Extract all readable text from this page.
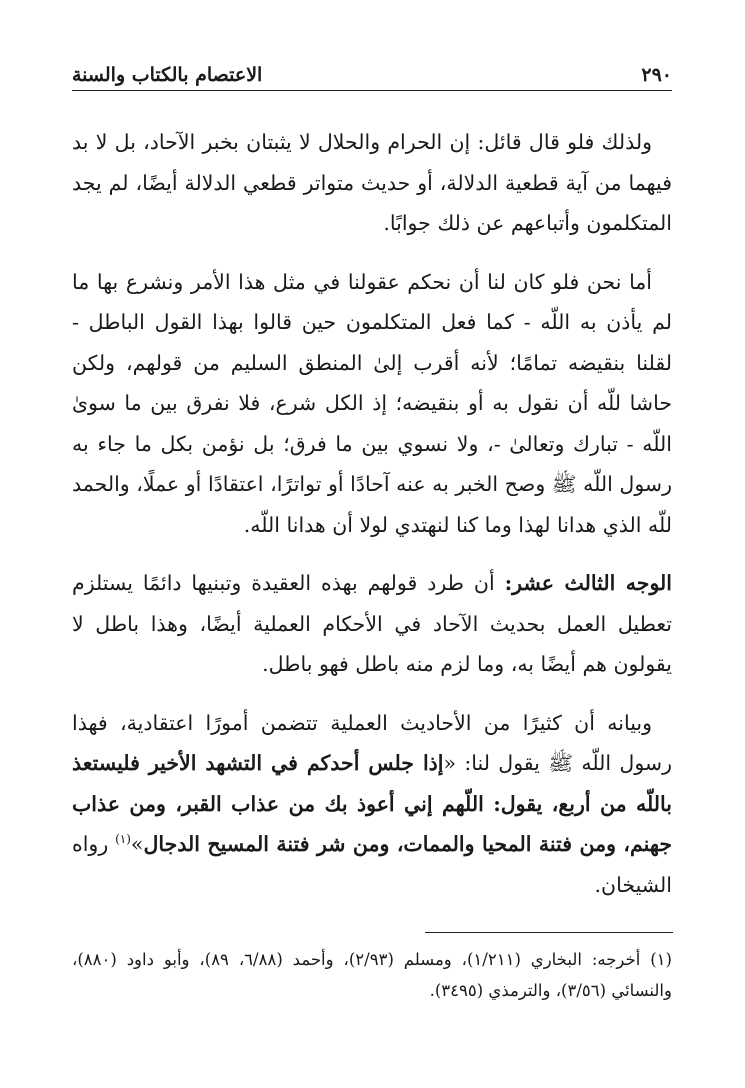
الاعتصام بالكتاب والسنة	٢٩٠

ولذلك فلو قال قائل: إن الحرام والحلال لا يثبتان بخبر الآحاد، بل لا بد فيهما من آية قطعية الدلالة، أو حديث متواتر قطعي الدلالة أيضًا، لم يجد المتكلمون وأتباعهم عن ذلك جوابًا.

أما نحن فلو كان لنا أن نحكم عقولنا في مثل هذا الأمر ونشرع بها ما لم يأذن به اللّه - كما فعل المتكلمون حين قالوا بهذا القول الباطل - لقلنا بنقيضه تمامًا؛ لأنه أقرب إلىٰ المنطق السليم من قولهم، ولكن حاشا للّه أن نقول به أو بنقيضه؛ إذ الكل شرع، فلا نفرق بين ما سوىٰ اللّه - تبارك وتعالىٰ -، ولا نسوي بين ما فرق؛ بل نؤمن بكل ما جاء به رسول اللّه ﷺ وصح الخبر به عنه آحادًا أو تواترًا، اعتقادًا أو عملًا، والحمد للّه الذي هدانا لهذا وما كنا لنهتدي لولا أن هدانا اللّه.

الوجه الثالث عشر: أن طرد قولهم بهذه العقيدة وتبنيها دائمًا يستلزم تعطيل العمل بحديث الآحاد في الأحكام العملية أيضًا، وهذا باطل لا يقولون هم أيضًا به، وما لزم منه باطل فهو باطل.

وبيانه أن كثيرًا من الأحاديث العملية تتضمن أمورًا اعتقادية، فهذا رسول اللّه ﷺ يقول لنا: «إذا جلس أحدكم في التشهد الأخير فليستعذ باللّه من أربع، يقول: اللّهم إني أعوذ بك من عذاب القبر، ومن عذاب جهنم، ومن فتنة المحيا والممات، ومن شر فتنة المسيح الدجال»$^{(١)}$ رواه الشيخان.

(١) أخرجه: البخاري (١/٢١١)، ومسلم (٢/٩٣)، وأحمد (٦/٨٨، ٨٩)، وأبو داود (٨٨٠)، والنسائي (٣/٥٦)، والترمذي (٣٤٩٥).
